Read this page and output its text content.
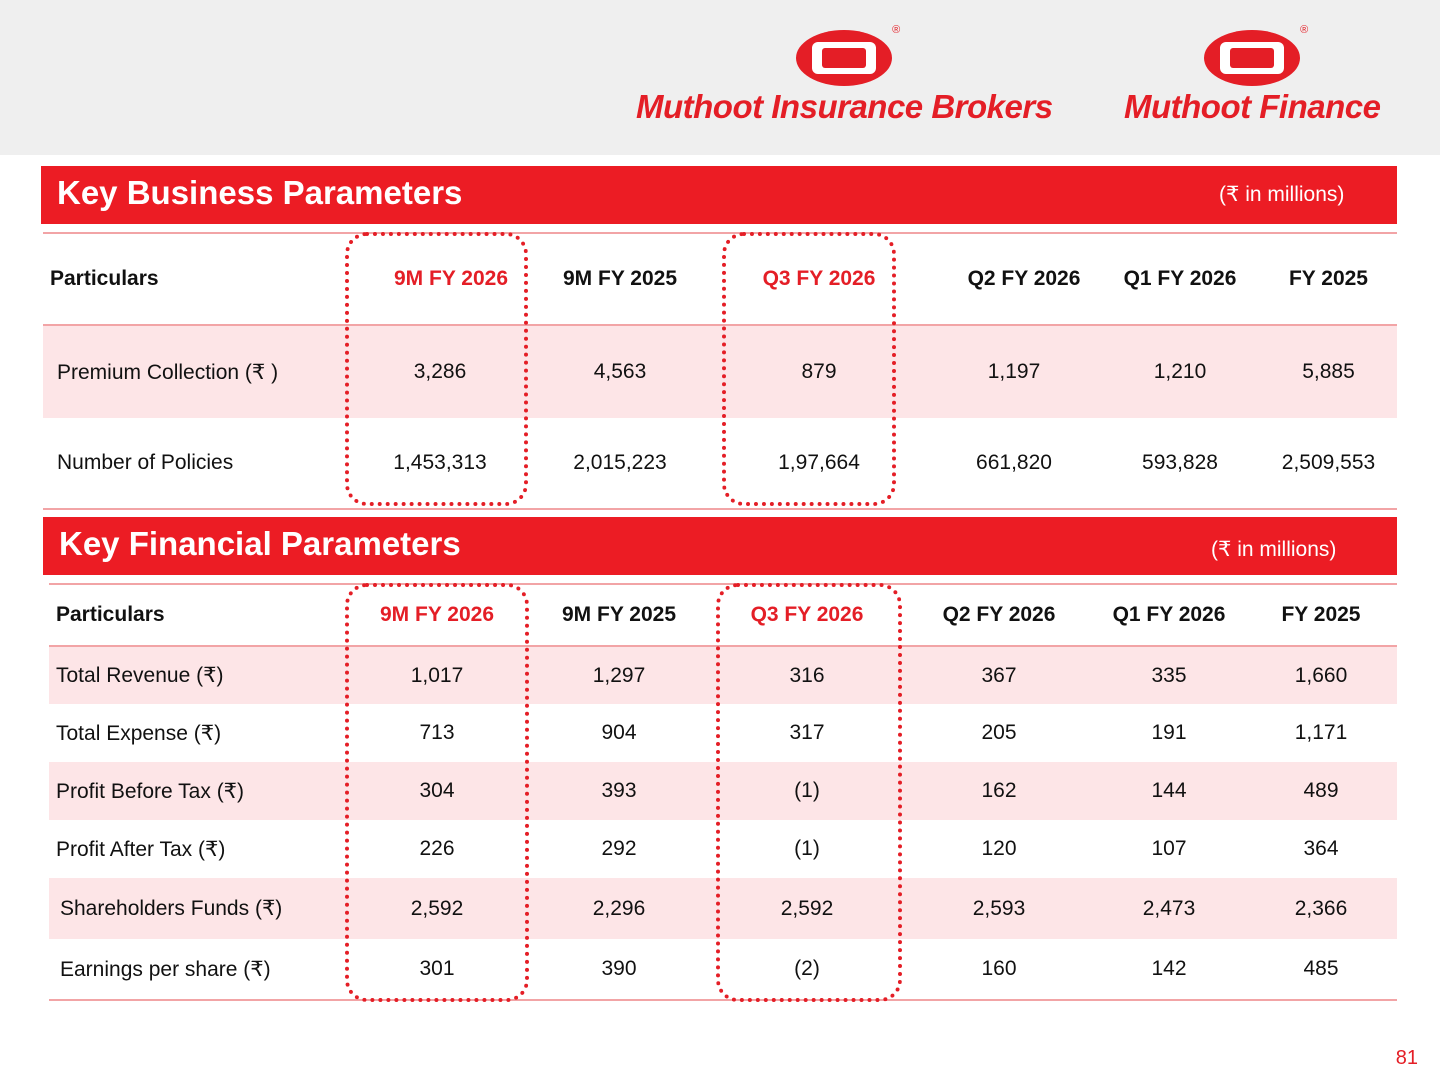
®
Muthoot Insurance Brokers
®
Muthoot Finance
Key Business Parameters	(₹ in millions)
Particulars	9M FY 2026	9M FY 2025	Q3 FY 2026	Q2 FY 2026	Q1 FY 2026	FY 2025
Premium Collection (₹ )	3,286	4,563	879	1,197	1,210	5,885
Number of Policies	1,453,313	2,015,223	1,97,664	661,820	593,828	2,509,553
Key Financial Parameters	(₹ in millions)
Particulars	9M FY 2026	9M FY 2025	Q3 FY 2026	Q2 FY 2026	Q1 FY 2026	FY 2025
Total Revenue (₹)	1,017	1,297	316	367	335	1,660
Total Expense (₹)	713	904	317	205	191	1,171
Profit Before Tax (₹)	304	393	(1)	162	144	489
Profit After Tax (₹)	226	292	(1)	120	107	364
Shareholders Funds (₹)	2,592	2,296	2,592	2,593	2,473	2,366
Earnings per share (₹)	301	390	(2)	160	142	485
81
